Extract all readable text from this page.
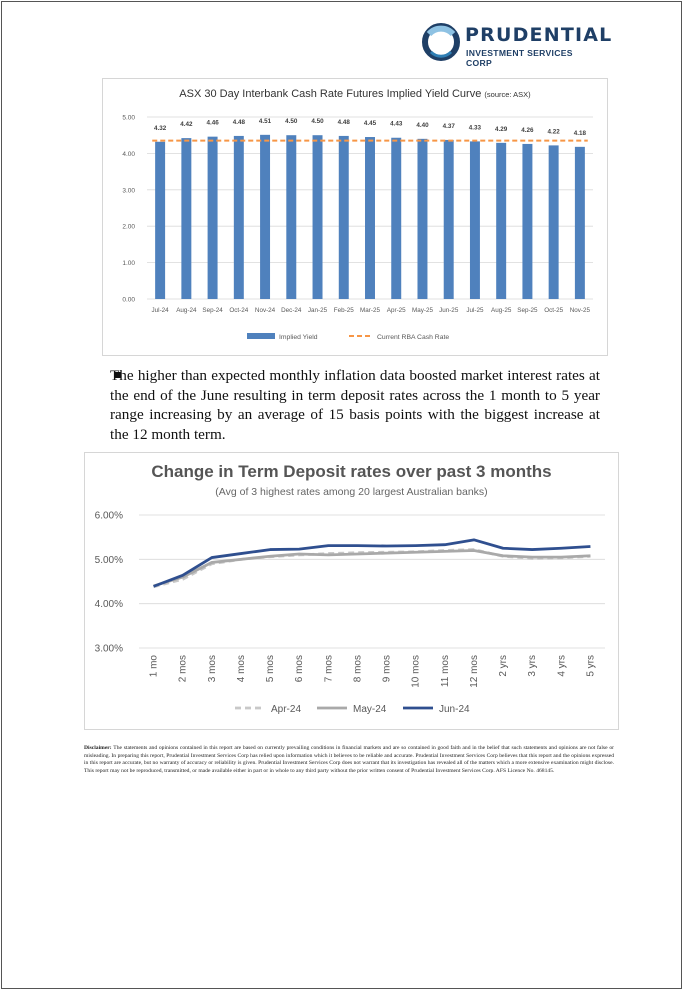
PRUDENTIAL
INVESTMENT SERVICES CORP
ASX 30 Day Interbank Cash Rate Futures Implied Yield Curve (source: ASX)
0.00
1.00
2.00
3.00
4.00
5.00
4.32
Jul-24
4.42
Aug-24
4.46
Sep-24
4.48
Oct-24
4.51
Nov-24
4.50
Dec-24
4.50
Jan-25
4.48
Feb-25
4.45
Mar-25
4.43
Apr-25
4.40
May-25
4.37
Jun-25
4.33
Jul-25
4.29
Aug-25
4.26
Sep-25
4.22
Oct-25
4.18
Nov-25
Implied Yield	Current RBA Cash Rate

The higher than expected monthly inflation data boosted market interest rates at the end of the June resulting in term deposit rates across the 1 month to 5 year range increasing by an average of 15 basis points with the biggest increase at the 12 month term.

Change in Term Deposit rates over past 3 months
(Avg of 3 highest rates among 20 largest Australian banks)
3.00%
4.00%
5.00%
6.00%
1 mo 2 mos 3 mos 4 mos 5 mos 6 mos 7 mos 8 mos 9 mos 10 mos 11 mos 12 mos 2 yrs 3 yrs 4 yrs 5 yrs
Apr-24	May-24	Jun-24
Disclaimer: The statements and opinions contained in this report are based on currently prevailing conditions in financial markets and are so contained in good faith and in the belief that such statements and opinions are not false or misleading. In preparing this report, Prudential Investment Services Corp has relied upon information which it believes to be reliable and accurate. Prudential Investment Services Corp believes that this report and the opinions expressed in this report are accurate, but no warranty of accuracy or reliability is given. Prudential Investment Services Corp does not warrant that its investigation has revealed all of the matters which a more extensive examination might disclose. This report may not be reproduced, transmitted, or made available either in part or in whole to any third party without the prior written consent of Prudential Investment Services Corp. AFS Licence No. 468145.
